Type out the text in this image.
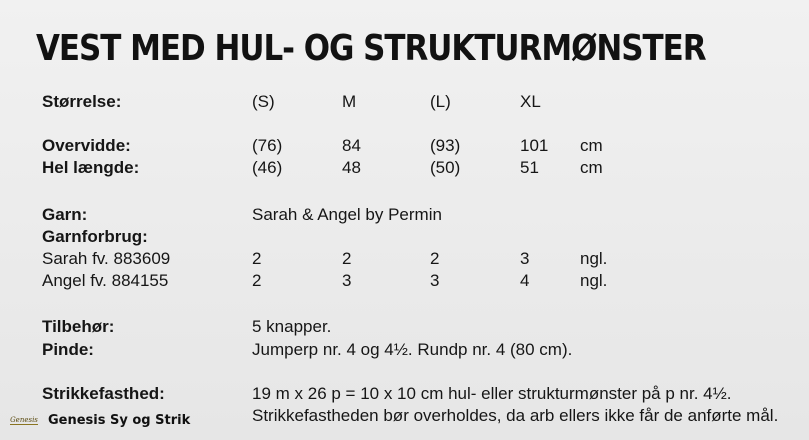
VEST MED HUL- OG STRUKTURMØNSTER
Størrelse:	(S)	M	(L)	XL
Overvidde:	(76)	84	(93)	101 cm
Hel længde:	(46)	48	(50)	51 cm
Garn:	Sarah & Angel by Permin
Garnforbrug:
Sarah fv. 883609	2	2	2	3	ngl.
Angel fv. 884155	2	3	3	4	ngl.
Tilbehør:	5 knapper.
Pinde:	Jumperp nr. 4 og 4½. Rundp nr. 4 (80 cm).
Strikkefasthed:	19 m x 26 p = 10 x 10 cm hul- eller strukturmønster på p nr. 4½.
Strikkefastheden bør overholdes, da arb ellers ikke får de anførte mål.
Genesis Genesis Sy og Strik
